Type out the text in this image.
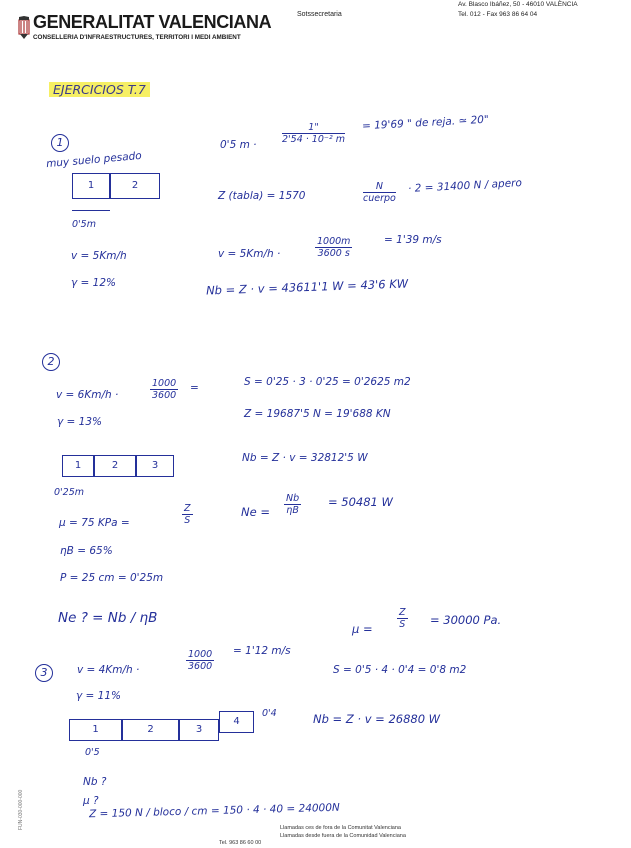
GENERALITAT VALENCIANA
CONSELLERIA D'INFRAESTRUCTURES, TERRITORI I MEDI AMBIENT
Sotssecretaria
Av. Blasco Ibáñez, 50 - 46010 VALÈNCIA
Tel. 012 - Fax 963 86 64 04
EJERCICIOS T.7
1
muy suelo pesado
1	2
0'5m
v = 5Km/h
γ = 12%
0'5 m ·	$\frac{1"}{\text{2'54 · 10⁻² m}} = 19'69$ " de reja. ≃ 20"
Z (tabla) = 1570
N
cuerpo
· 2 = 31400 N / apero
v = 5Km/h ·	$\frac{1000m}{3600 s}$	= 1'39 m/s
Nb = Z · v = 43611'1 W = 43'6 KW
2
v = 6Km/h ·	$\frac{1000}{3600}$ =
γ = 13%
1	2	3
0'25m
μ = 75 KPa =	$\frac{Z}{S}$
ηB = 65%
P = 25 cm = 0'25m
Ne ? = Nb / ηB
S = 0'25 · 3 · 0'25 = 0'2625 m2
Z = 19687'5 N = 19'688 KN
Nb = Z · v = 32812'5 W
$Ne = \frac{Nb}{\eta B} = 50481$ W
μ =	$\frac{Z}{S} = 30000$ Pa.
3	v = 4Km/h ·	$\frac{1000}{3600} = 1'12$ m/s
γ = 11%
1	2	3
4
0'4
0'5
S = 0'5 · 4 · 0'4 = 0'8 m2
Nb = Z · v = 26880 W
Nb ?
μ ?
Z = 150 N / bloco / cm = 150 · 4 · 40 = 24000N
FUN-030-000-000
Tel. 963 86 60 00
Llamadas ces de fora de la Comunitat Valenciana
Llamadas desde fuera de la Comunidad Valenciana
